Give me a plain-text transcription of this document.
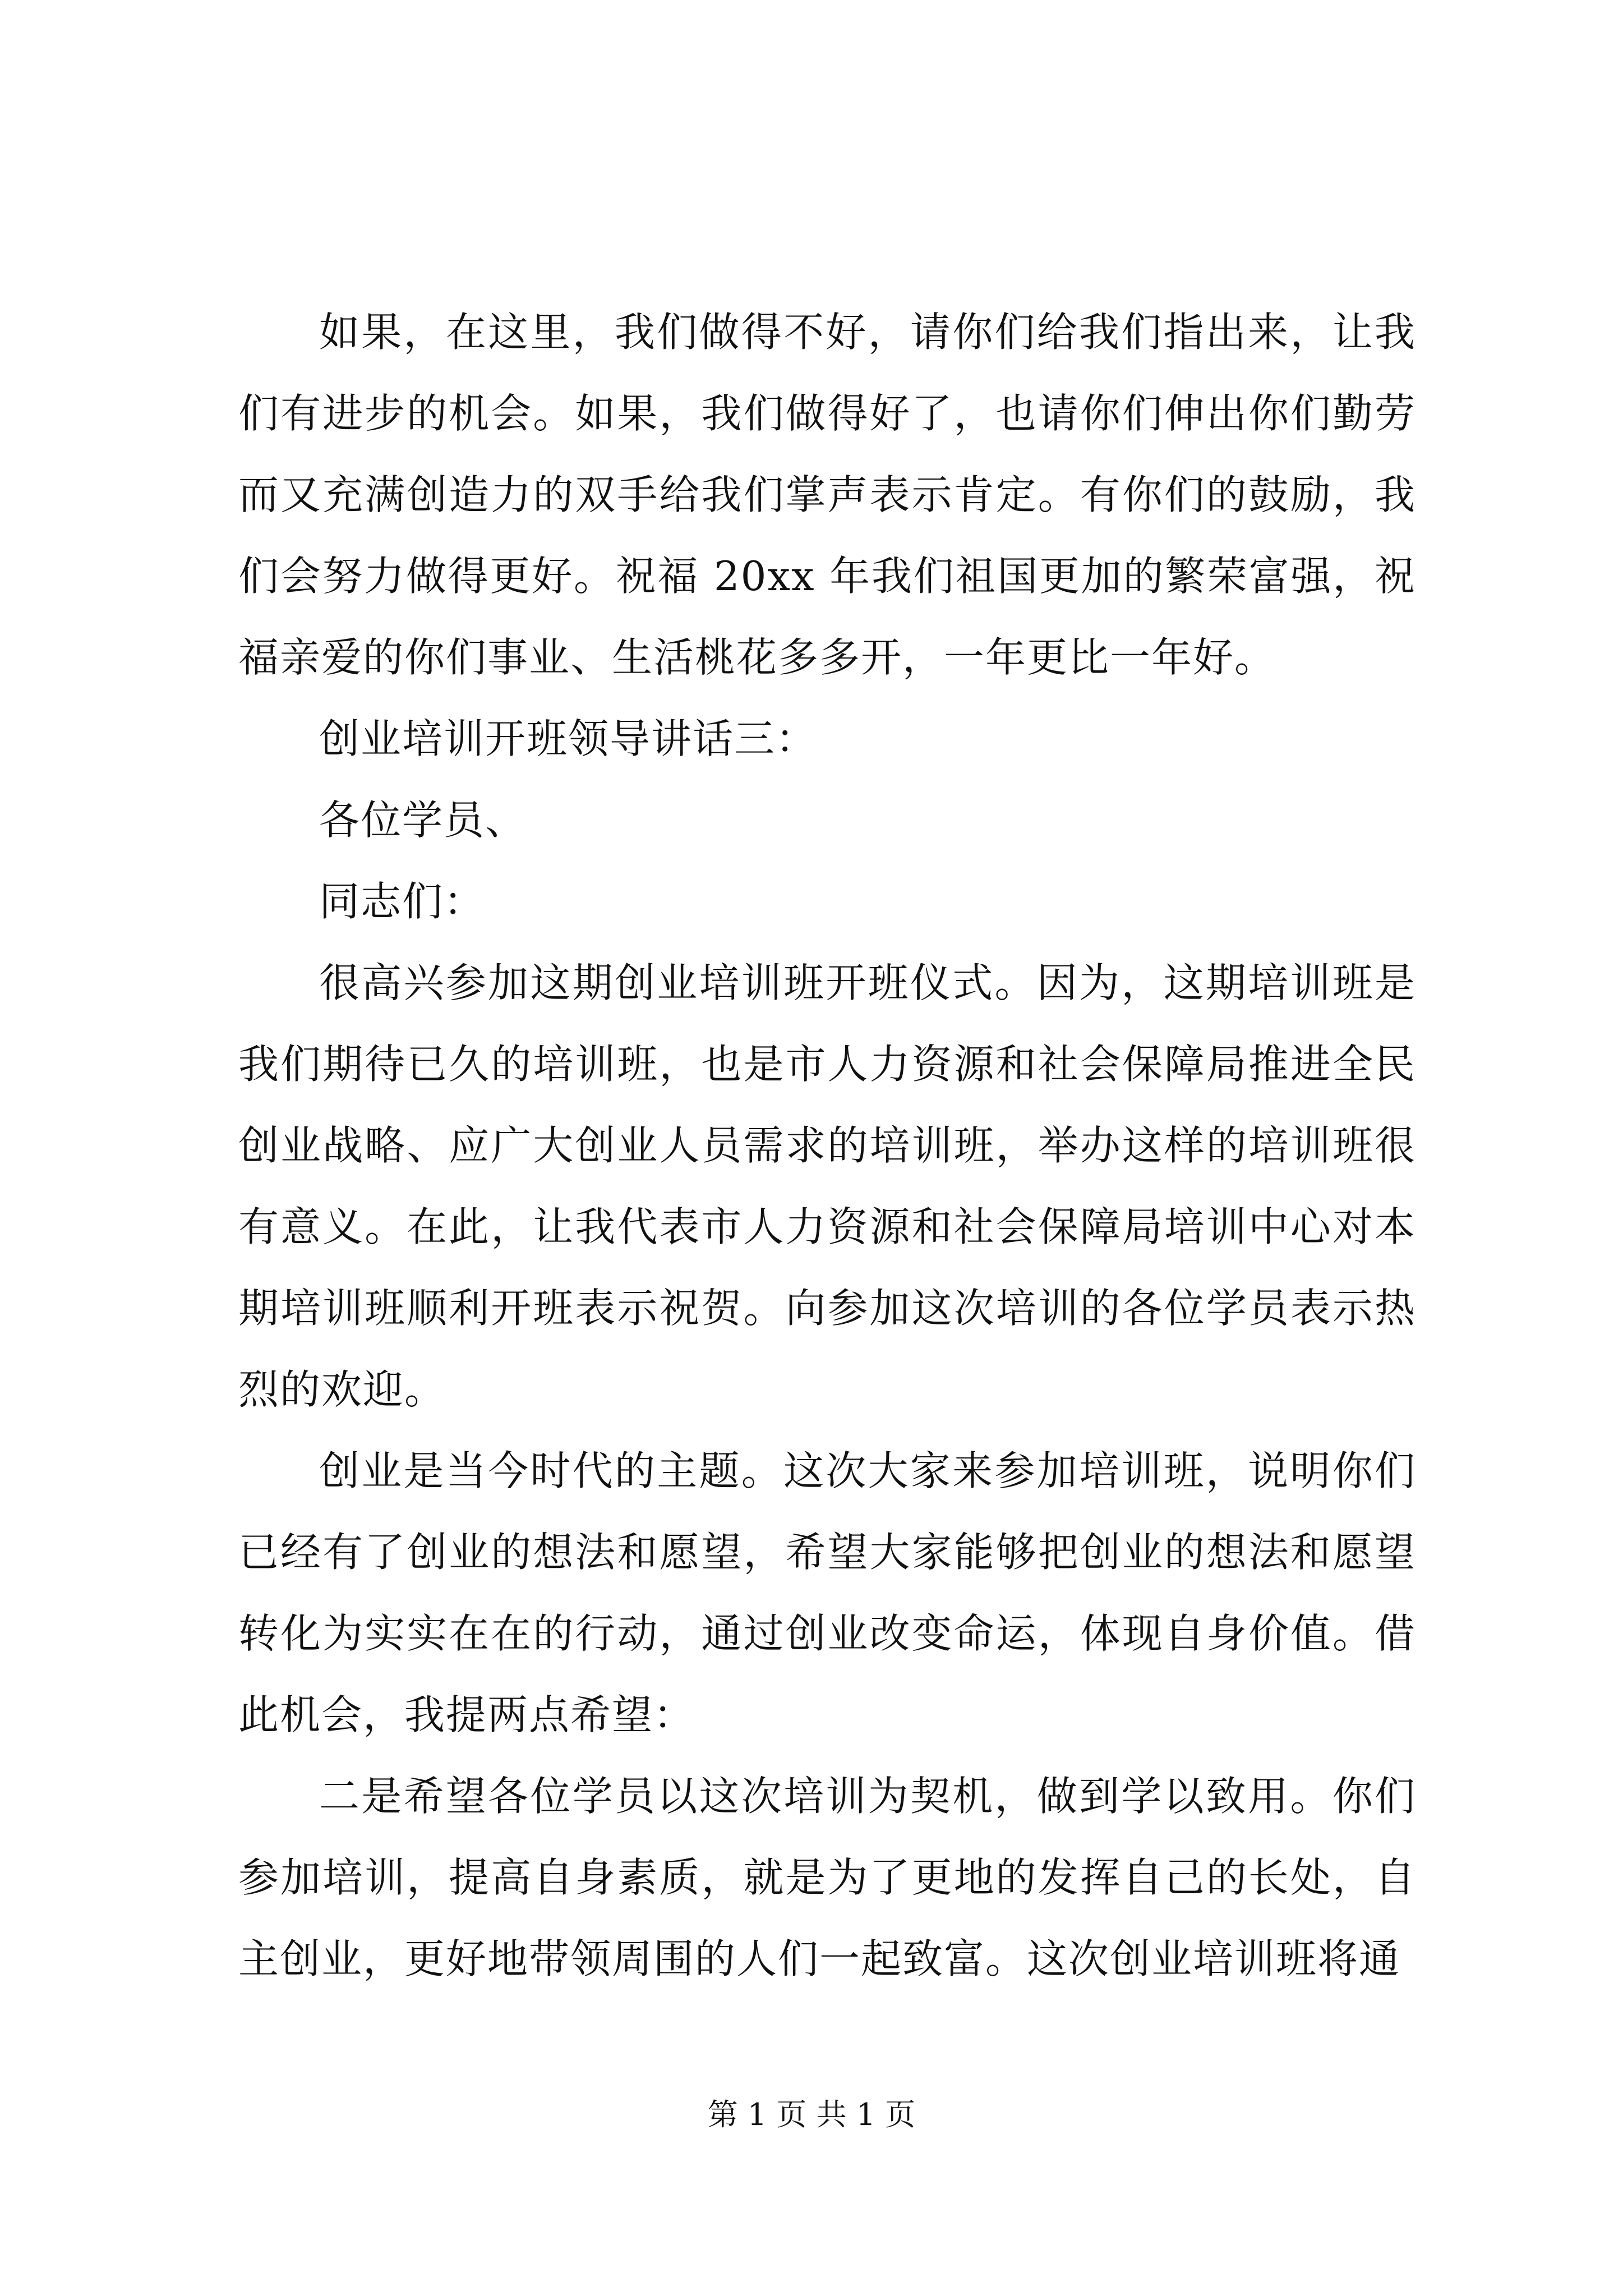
如果，在这里，我们做得不好，请你们给我们指出来，让我们有进步的机会。如果，我们做得好了，也请你们伸出你们勤劳而又充满创造力的双手给我们掌声表示肯定。有你们的鼓励，我们会努力做得更好。祝福 20xx 年我们祖国更加的繁荣富强，祝福亲爱的你们事业、生活桃花多多开，一年更比一年好。

创业培训开班领导讲话三：

各位学员、

同志们：

很高兴参加这期创业培训班开班仪式。因为，这期培训班是我们期待已久的培训班，也是市人力资源和社会保障局推进全民创业战略、应广大创业人员需求的培训班，举办这样的培训班很有意义。在此，让我代表市人力资源和社会保障局培训中心对本期培训班顺利开班表示祝贺。向参加这次培训的各位学员表示热烈的欢迎。

创业是当今时代的主题。这次大家来参加培训班，说明你们已经有了创业的想法和愿望，希望大家能够把创业的想法和愿望转化为实实在在的行动，通过创业改变命运，体现自身价值。借此机会，我提两点希望：

二是希望各位学员以这次培训为契机，做到学以致用。你们参加培训，提高自身素质，就是为了更地的发挥自己的长处，自主创业，更好地带领周围的人们一起致富。这次创业培训班将通

第 1 页 共 1 页
